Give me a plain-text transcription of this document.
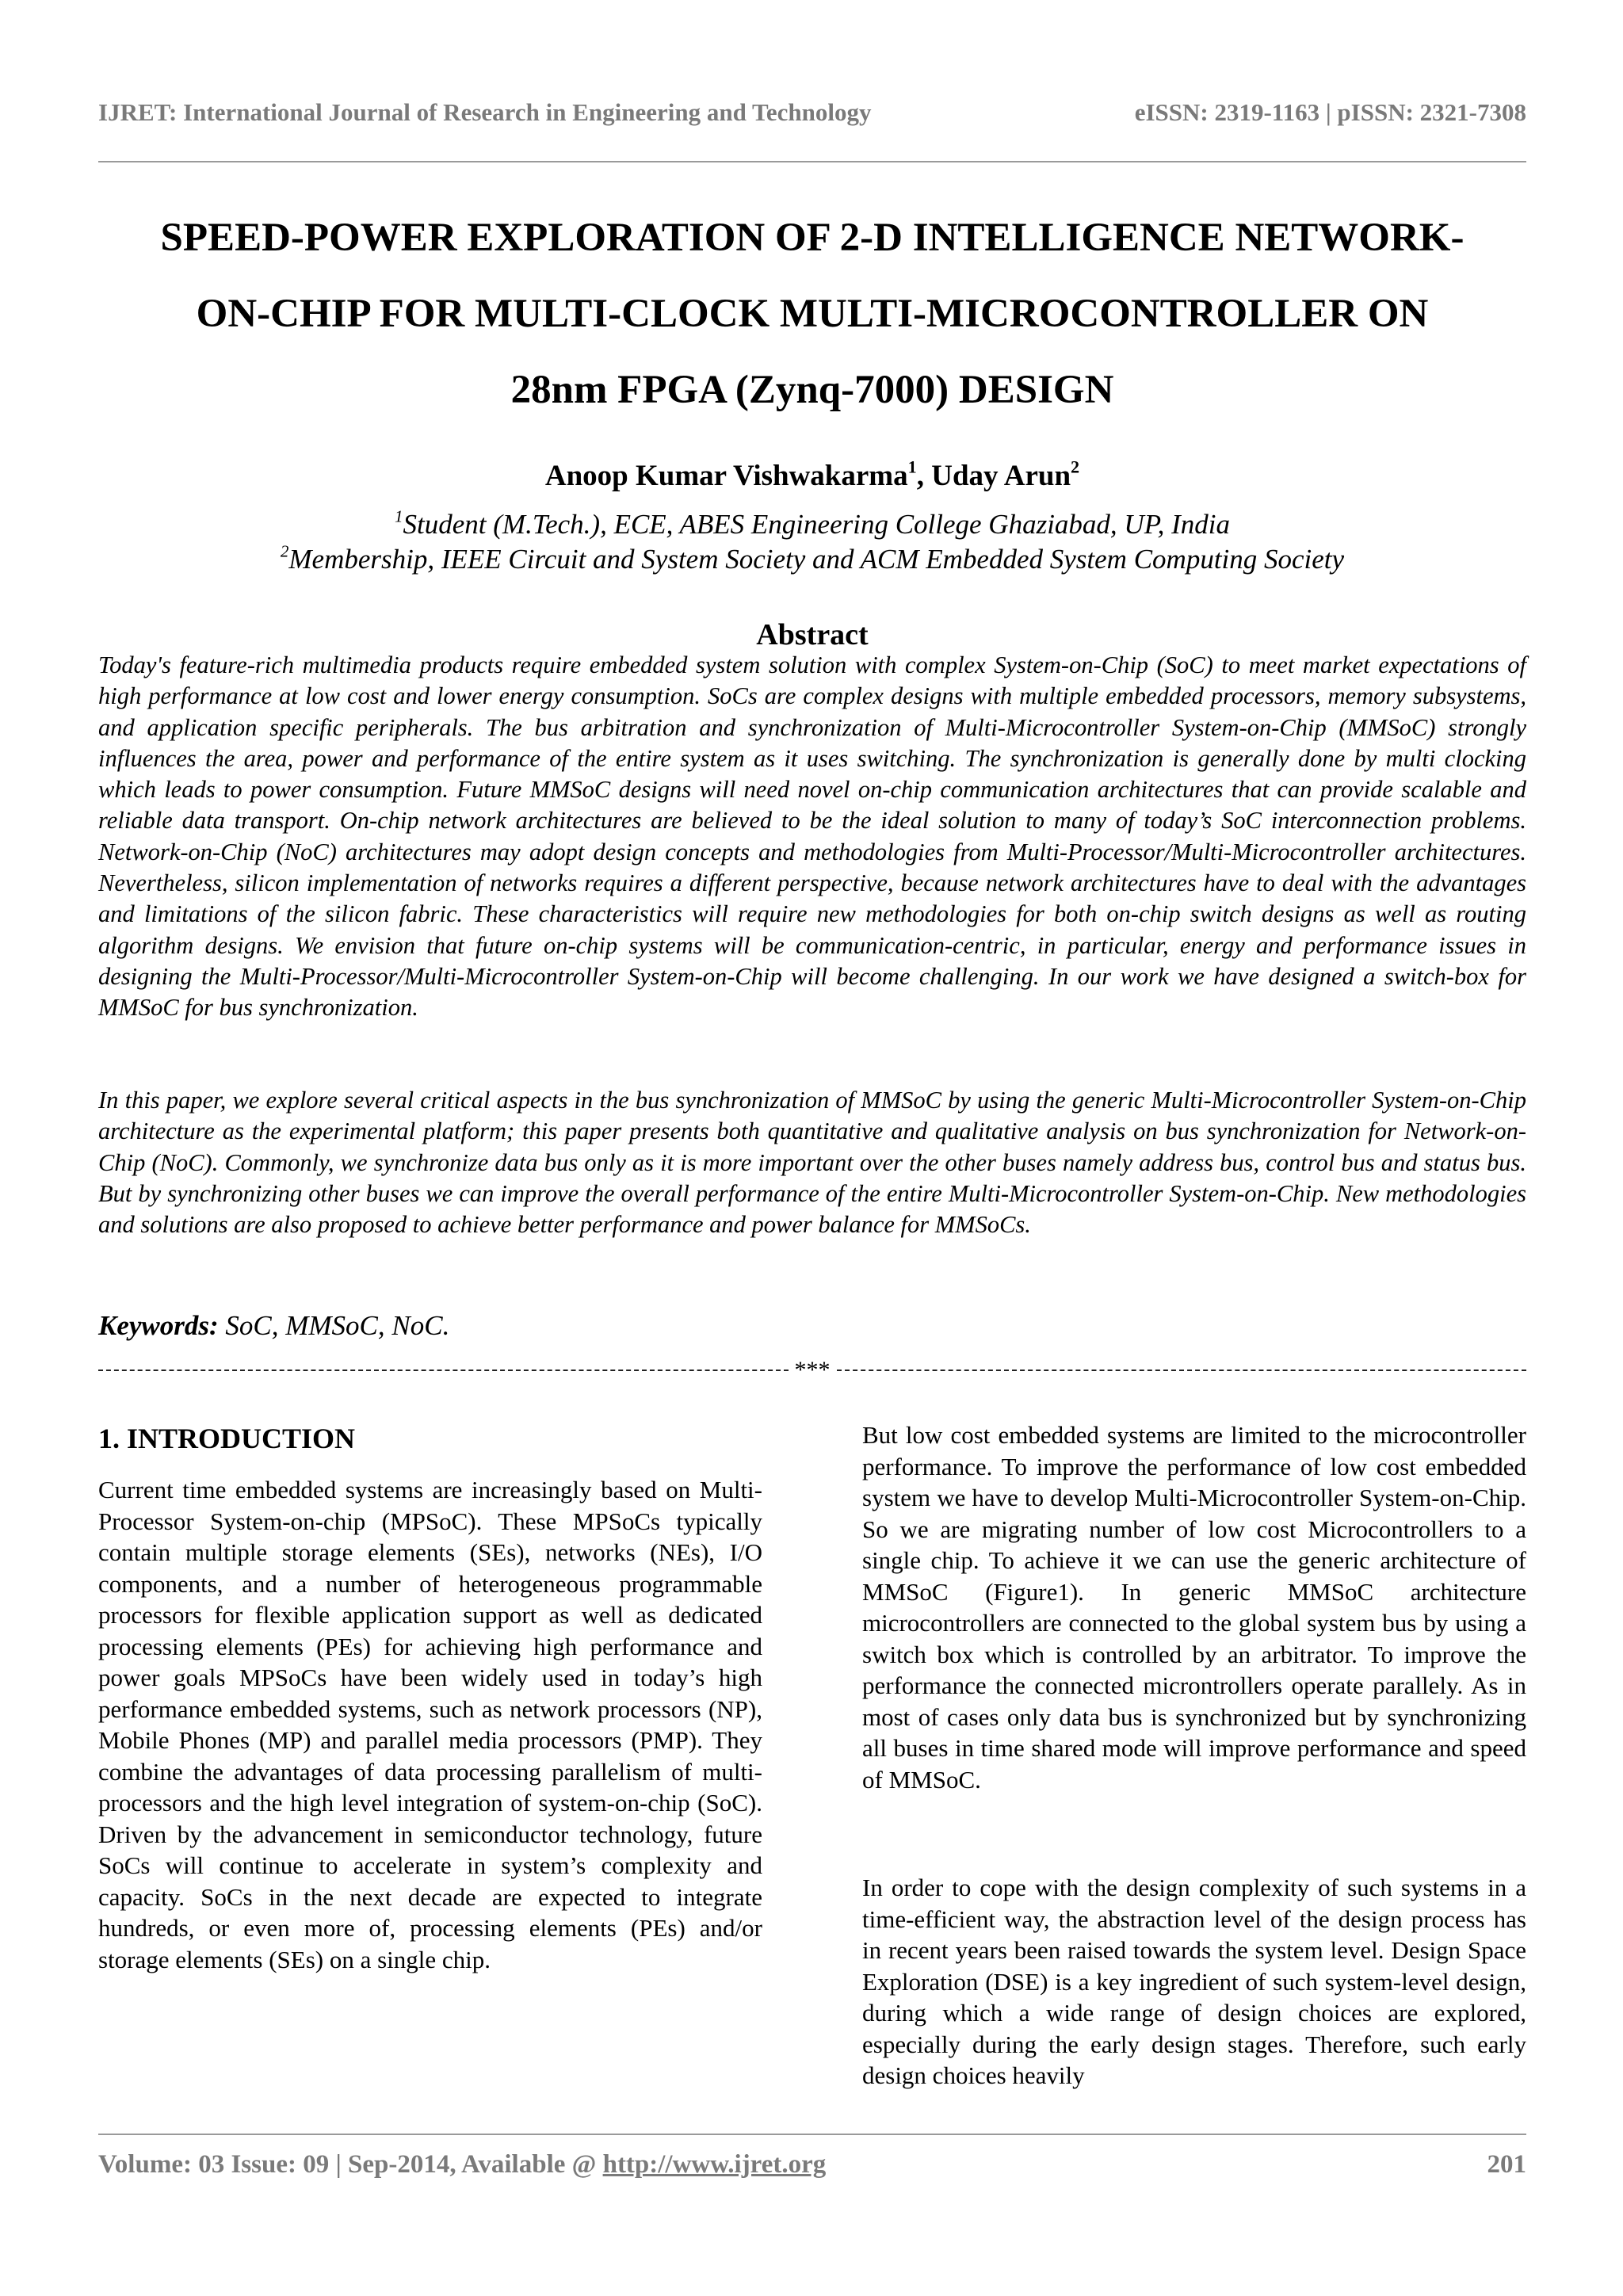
IJRET: International Journal of Research in Engineering and Technology	eISSN: 2319-1163 | pISSN: 2321-7308
SPEED-POWER EXPLORATION OF 2-D INTELLIGENCE NETWORK-
ON-CHIP FOR MULTI-CLOCK MULTI-MICROCONTROLLER ON
28nm FPGA (Zynq-7000) DESIGN
Anoop Kumar Vishwakarma$^1$, Uday Arun$^2$
$^1$Student (M.Tech.), ECE, ABES Engineering College Ghaziabad, UP, India
$^2$Membership, IEEE Circuit and System Society and ACM Embedded System Computing Society
Abstract

Today's feature-rich multimedia products require embedded system solution with complex System-on-Chip (SoC) to meet market expectations of high performance at low cost and lower energy consumption. SoCs are complex designs with multiple embedded processors, memory subsystems, and application specific peripherals. The bus arbitration and synchronization of Multi-Microcontroller System-on-Chip (MMSoC) strongly influences the area, power and performance of the entire system as it uses switching. The synchronization is generally done by multi clocking which leads to power consumption. Future MMSoC designs will need novel on-chip communication architectures that can provide scalable and reliable data transport. On-chip network architectures are believed to be the ideal solution to many of today’s SoC interconnection problems. Network-on-Chip (NoC) architectures may adopt design concepts and methodologies from Multi-Processor/Multi-Microcontroller architectures. Nevertheless, silicon implementation of networks requires a different perspective, because network architectures have to deal with the advantages and limitations of the silicon fabric. These characteristics will require new methodologies for both on-chip switch designs as well as routing algorithm designs. We envision that future on-chip systems will be communication-centric, in particular, energy and performance issues in designing the Multi-Processor/Multi-Microcontroller System-on-Chip will become challenging. In our work we have designed a switch-box for MMSoC for bus synchronization.

In this paper, we explore several critical aspects in the bus synchronization of MMSoC by using the generic Multi-Microcontroller System-on-Chip architecture as the experimental platform; this paper presents both quantitative and qualitative analysis on bus synchronization for Network-on-Chip (NoC). Commonly, we synchronize data bus only as it is more important over the other buses namely address bus, control bus and status bus. But by synchronizing other buses we can improve the overall performance of the entire Multi-Microcontroller System-on-Chip. New methodologies and solutions are also proposed to achieve better performance and power balance for MMSoCs.

Keywords: SoC, MMSoC, NoC.
***
1. INTRODUCTION

Current time embedded systems are increasingly based on Multi-Processor System-on-chip (MPSoC). These MPSoCs typically contain multiple storage elements (SEs), networks (NEs), I/O components, and a number of heterogeneous programmable processors for flexible application support as well as dedicated processing elements (PEs) for achieving high performance and power goals MPSoCs have been widely used in today’s high performance embedded systems, such as network processors (NP), Mobile Phones (MP) and parallel media processors (PMP). They combine the advantages of data processing parallelism of multi-processors and the high level integration of system-on-chip (SoC). Driven by the advancement in semiconductor technology, future SoCs will continue to accelerate in system’s complexity and capacity. SoCs in the next decade are expected to integrate hundreds, or even more of, processing elements (PEs) and/or storage elements (SEs) on a single chip.

But low cost embedded systems are limited to the microcontroller performance. To improve the performance of low cost embedded system we have to develop Multi-Microcontroller System-on-Chip. So we are migrating number of low cost Microcontrollers to a single chip. To achieve it we can use the generic architecture of MMSoC (Figure1). In generic MMSoC architecture microcontrollers are connected to the global system bus by using a switch box which is controlled by an arbitrator. To improve the performance the connected microntrollers operate parallely. As in most of cases only data bus is synchronized but by synchronizing all buses in time shared mode will improve performance and speed of MMSoC.

In order to cope with the design complexity of such systems in a time-efficient way, the abstraction level of the design process has in recent years been raised towards the system level. Design Space Exploration (DSE) is a key ingredient of such system-level design, during which a wide range of design choices are explored, especially during the early design stages. Therefore, such early design choices heavily

Volume: 03 Issue: 09 | Sep-2014, Available @ http://www.ijret.org	201
